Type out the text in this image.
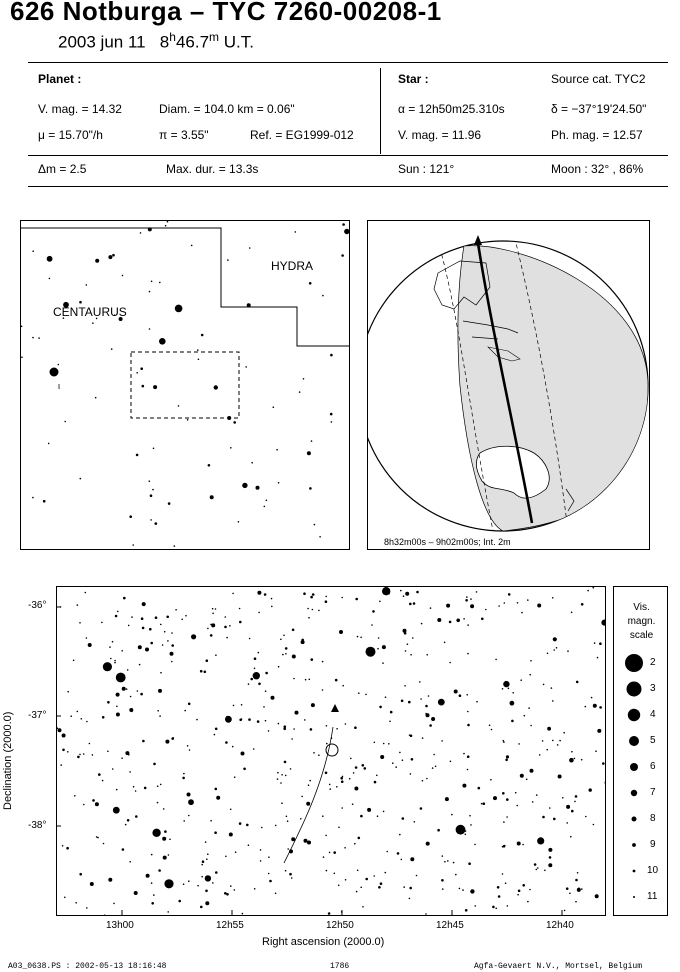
626 Notburga – TYC 7260-00208-1
2003 jun 11 8$^h$46.7$^m$ U.T.
Planet :
V. mag. = 14.32	Diam. = 104.0 km = 0.06"
μ = 15.70"/h	π = 3.55"	Ref. = EG1999-012
Δm = 2.5	Max. dur. = 13.3s
Star :	Source cat. TYC2
α = 12h50m25.310s	δ = −37°19'24.50"
V. mag. = 11.96	Ph. mag. = 12.57
Sun : 121°	Moon : 32° , 86%
CENTAURUS
HYDRA
ι
8h32m00s – 9h02m00s; Int. 2m
-36°
-37°
-38°
13h00	12h55	12h50	12h45	12h40
Right ascension (2000.0)
Declination (2000.0)
Vis.
magn.
scale
2
3
4
5
6
7
8
9
10
11
A03_0638.PS : 2002-05-13 18:16:48	1786	Agfa-Gevaert N.V., Mortsel, Belgium
